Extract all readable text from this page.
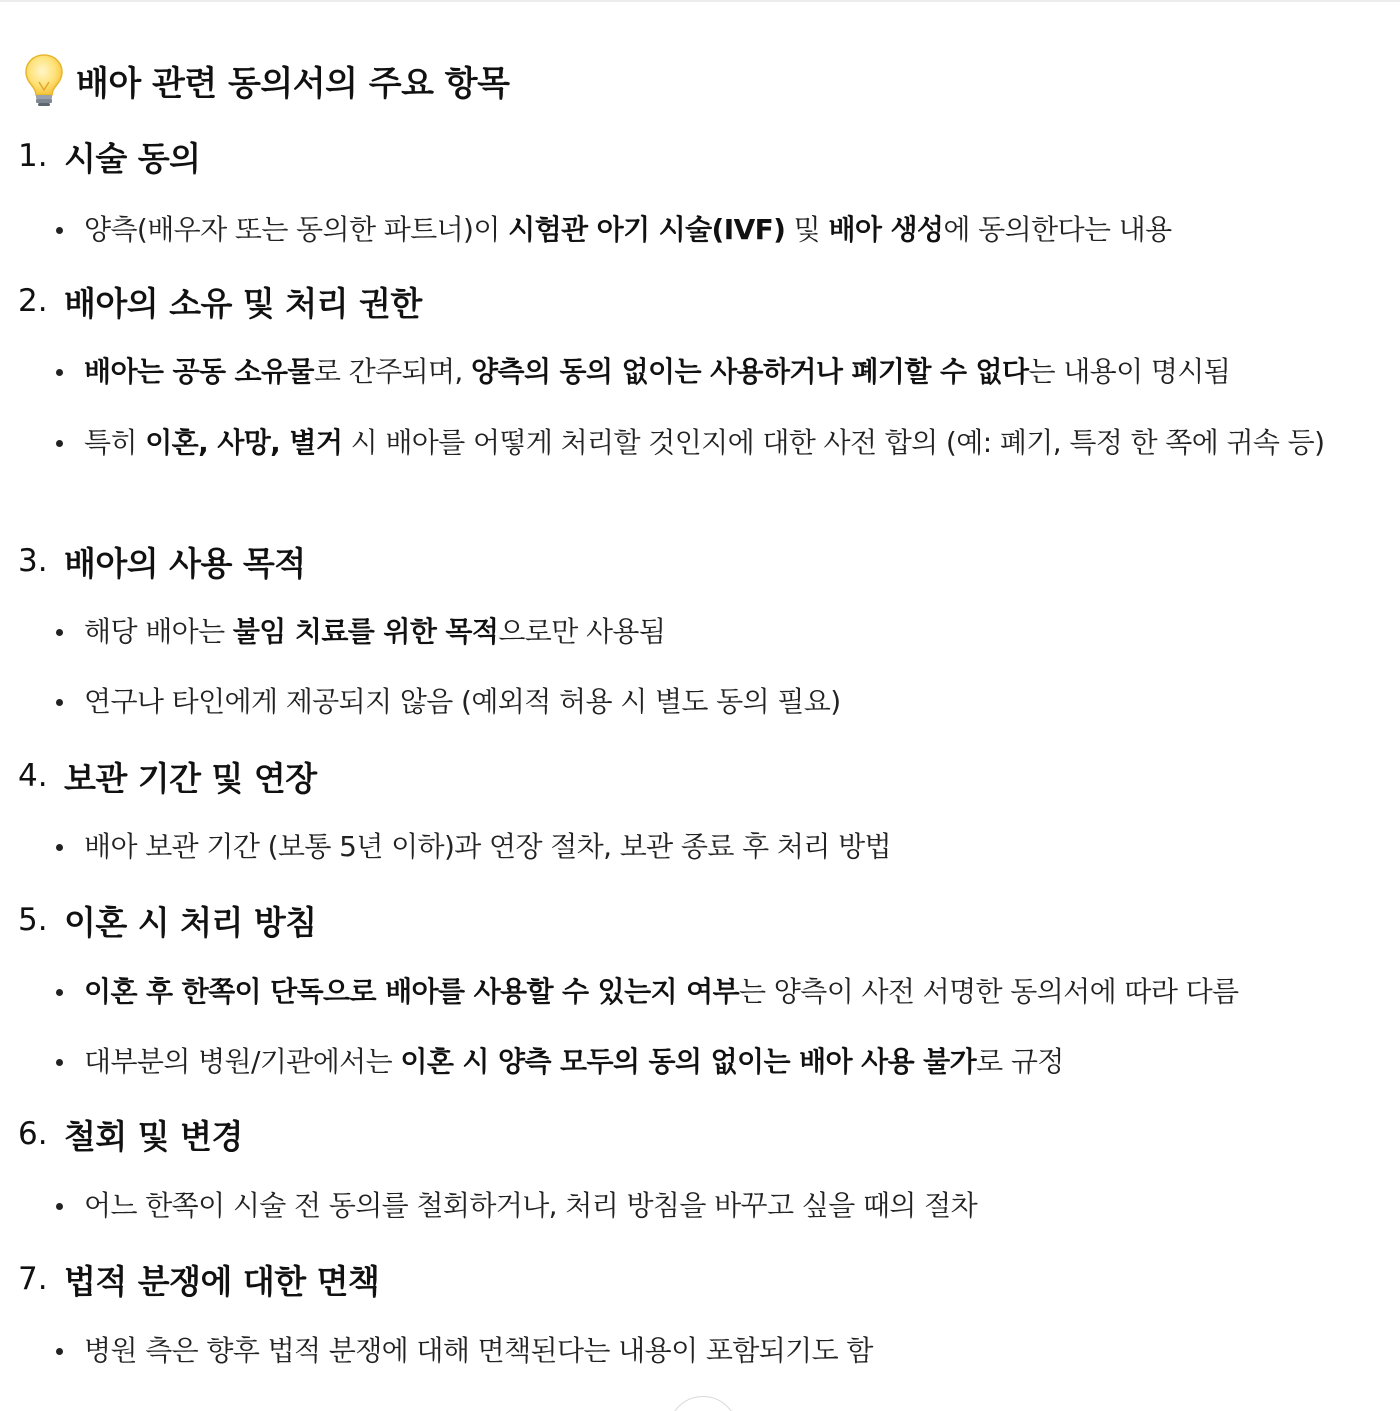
배아 관련 동의서의 주요 항목
1. 시술 동의
양측(배우자 또는 동의한 파트너)이 시험관 아기 시술(IVF) 및 배아 생성에 동의한다는 내용
2. 배아의 소유 및 처리 권한
배아는 공동 소유물로 간주되며, 양측의 동의 없이는 사용하거나 폐기할 수 없다는 내용이 명시됨
특히 이혼, 사망, 별거 시 배아를 어떻게 처리할 것인지에 대한 사전 합의 (예: 폐기, 특정 한 쪽에 귀속 등)
3. 배아의 사용 목적
해당 배아는 불임 치료를 위한 목적으로만 사용됨
연구나 타인에게 제공되지 않음 (예외적 허용 시 별도 동의 필요)
4. 보관 기간 및 연장
배아 보관 기간 (보통 5년 이하)과 연장 절차, 보관 종료 후 처리 방법
5. 이혼 시 처리 방침
이혼 후 한쪽이 단독으로 배아를 사용할 수 있는지 여부는 양측이 사전 서명한 동의서에 따라 다름
대부분의 병원/기관에서는 이혼 시 양측 모두의 동의 없이는 배아 사용 불가로 규정
6. 철회 및 변경
어느 한쪽이 시술 전 동의를 철회하거나, 처리 방침을 바꾸고 싶을 때의 절차
7. 법적 분쟁에 대한 면책
병원 측은 향후 법적 분쟁에 대해 면책된다는 내용이 포함되기도 함
